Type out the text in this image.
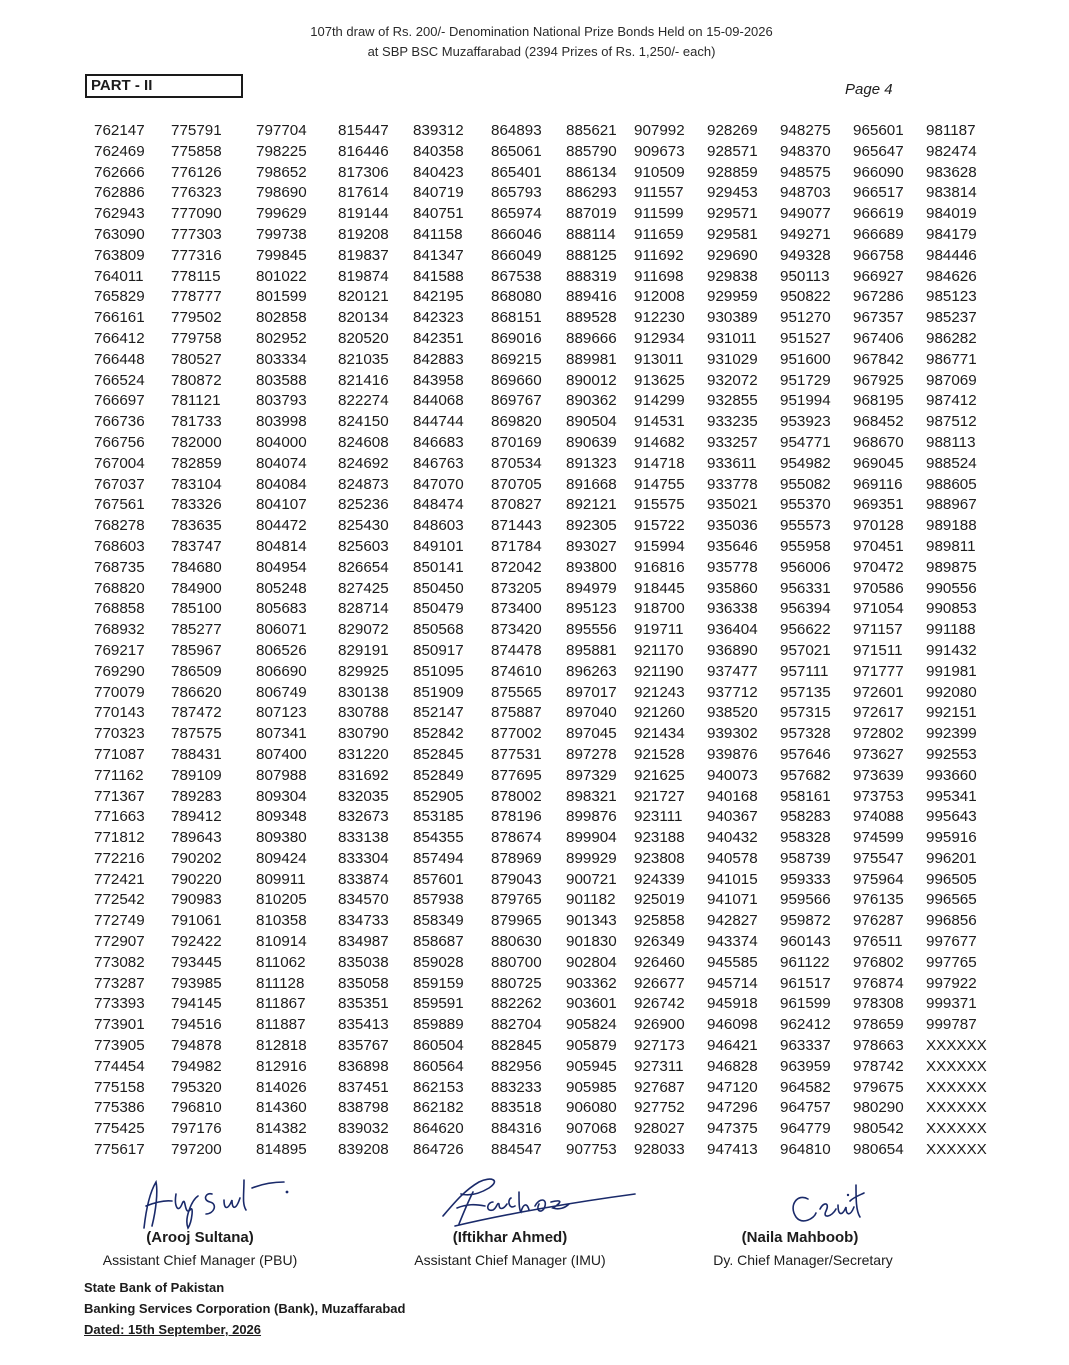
107th draw of Rs. 200/- Denomination National Prize Bonds Held on 15-09-2026
at SBP BSC Muzaffarabad (2394 Prizes of Rs. 1,250/- each)
PART - II	Page 4
762147
762469
762666
762886
762943
763090
763809
764011
765829
766161
766412
766448
766524
766697
766736
766756
767004
767037
767561
768278
768603
768735
768820
768858
768932
769217
769290
770079
770143
770323
771087
771162
771367
771663
771812
772216
772421
772542
772749
772907
773082
773287
773393
773901
773905
774454
775158
775386
775425
775617
775791
775858
776126
776323
777090
777303
777316
778115
778777
779502
779758
780527
780872
781121
781733
782000
782859
783104
783326
783635
783747
784680
784900
785100
785277
785967
786509
786620
787472
787575
788431
789109
789283
789412
789643
790202
790220
790983
791061
792422
793445
793985
794145
794516
794878
794982
795320
796810
797176
797200
797704
798225
798652
798690
799629
799738
799845
801022
801599
802858
802952
803334
803588
803793
803998
804000
804074
804084
804107
804472
804814
804954
805248
805683
806071
806526
806690
806749
807123
807341
807400
807988
809304
809348
809380
809424
809911
810205
810358
810914
811062
811128
811867
811887
812818
812916
814026
814360
814382
814895
815447
816446
817306
817614
819144
819208
819837
819874
820121
820134
820520
821035
821416
822274
824150
824608
824692
824873
825236
825430
825603
826654
827425
828714
829072
829191
829925
830138
830788
830790
831220
831692
832035
832673
833138
833304
833874
834570
834733
834987
835038
835058
835351
835413
835767
836898
837451
838798
839032
839208
839312
840358
840423
840719
840751
841158
841347
841588
842195
842323
842351
842883
843958
844068
844744
846683
846763
847070
848474
848603
849101
850141
850450
850479
850568
850917
851095
851909
852147
852842
852845
852849
852905
853185
854355
857494
857601
857938
858349
858687
859028
859159
859591
859889
860504
860564
862153
862182
864620
864726
864893
865061
865401
865793
865974
866046
866049
867538
868080
868151
869016
869215
869660
869767
869820
870169
870534
870705
870827
871443
871784
872042
873205
873400
873420
874478
874610
875565
875887
877002
877531
877695
878002
878196
878674
878969
879043
879765
879965
880630
880700
880725
882262
882704
882845
882956
883233
883518
884316
884547
885621
885790
886134
886293
887019
888114
888125
888319
889416
889528
889666
889981
890012
890362
890504
890639
891323
891668
892121
892305
893027
893800
894979
895123
895556
895881
896263
897017
897040
897045
897278
897329
898321
899876
899904
899929
900721
901182
901343
901830
902804
903362
903601
905824
905879
905945
905985
906080
907068
907753
907992
909673
910509
911557
911599
911659
911692
911698
912008
912230
912934
913011
913625
914299
914531
914682
914718
914755
915575
915722
915994
916816
918445
918700
919711
921170
921190
921243
921260
921434
921528
921625
921727
923111
923188
923808
924339
925019
925858
926349
926460
926677
926742
926900
927173
927311
927687
927752
928027
928033
928269
928571
928859
929453
929571
929581
929690
929838
929959
930389
931011
931029
932072
932855
933235
933257
933611
933778
935021
935036
935646
935778
935860
936338
936404
936890
937477
937712
938520
939302
939876
940073
940168
940367
940432
940578
941015
941071
942827
943374
945585
945714
945918
946098
946421
946828
947120
947296
947375
947413
948275
948370
948575
948703
949077
949271
949328
950113
950822
951270
951527
951600
951729
951994
953923
954771
954982
955082
955370
955573
955958
956006
956331
956394
956622
957021
957111
957135
957315
957328
957646
957682
958161
958283
958328
958739
959333
959566
959872
960143
961122
961517
961599
962412
963337
963959
964582
964757
964779
964810
965601
965647
966090
966517
966619
966689
966758
966927
967286
967357
967406
967842
967925
968195
968452
968670
969045
969116
969351
970128
970451
970472
970586
971054
971157
971511
971777
972601
972617
972802
973627
973639
973753
974088
974599
975547
975964
976135
976287
976511
976802
976874
978308
978659
978663
978742
979675
980290
980542
980654
981187
982474
983628
983814
984019
984179
984446
984626
985123
985237
986282
986771
987069
987412
987512
988113
988524
988605
988967
989188
989811
989875
990556
990853
991188
991432
991981
992080
992151
992399
992553
993660
995341
995643
995916
996201
996505
996565
996856
997677
997765
997922
999371
999787
XXXXXX
XXXXXX
XXXXXX
XXXXXX
XXXXXX
XXXXXX
(Arooj Sultana)
Assistant Chief Manager (PBU)
(Iftikhar Ahmed)
Assistant Chief Manager (IMU)
(Naila Mahboob)
Dy. Chief Manager/Secretary
State Bank of Pakistan
Banking Services Corporation (Bank), Muzaffarabad
Dated: 15th September, 2026
